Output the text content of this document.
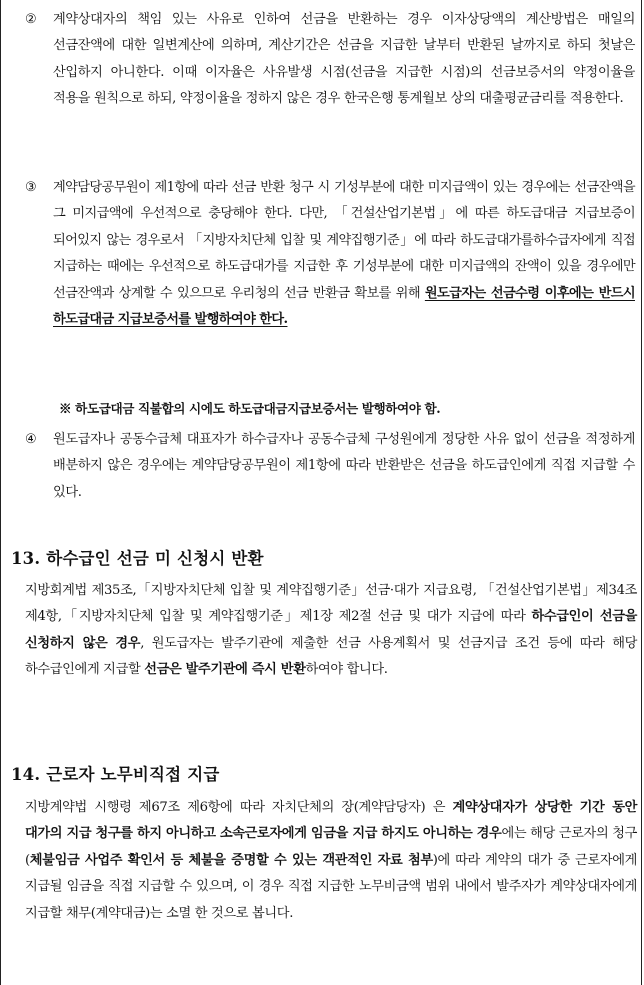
②	계약상대자의 책임 있는 사유로 인하여 선금을 반환하는 경우 이자상당액의 계산방법은 매일의 선금잔액에 대한 일변계산에 의하며, 계산기간은 선금을 지급한 날부터 반환된 날까지로 하되 첫날은 산입하지 아니한다. 이때 이자율은 사유발생 시점(선금을 지급한 시점)의 선금보증서의 약정이율을 적용을 원칙으로 하되, 약정이율을 정하지 않은 경우 한국은행 통계월보 상의 대출평균금리를 적용한다.

③	계약담당공무원이 제1항에 따라 선금 반환 청구 시 기성부분에 대한 미지급액이 있는 경우에는 선금잔액을 그 미지급액에 우선적으로 충당해야 한다. 다만, 「건설산업기본법」에 따른 하도급대금 지급보증이 되어있지 않는 경우로서 「지방자치단체 입찰 및 계약집행기준」에 따라 하도급대가를하수급자에게 직접 지급하는 때에는 우선적으로 하도급대가를 지급한 후 기성부분에 대한 미지급액의 잔액이 있을 경우에만 선금잔액과 상계할 수 있으므로 우리청의 선금 반환금 확보를 위해 원도급자는 선금수령 이후에는 반드시 하도급대금 지급보증서를 발행하여야 한다.

※ 하도급대금 직불합의 시에도 하도급대금지급보증서는 발행하여야 함.

④	원도급자나 공동수급체 대표자가 하수급자나 공동수급체 구성원에게 정당한 사유 없이 선금을 적정하게 배분하지 않은 경우에는 계약담당공무원이 제1항에 따라 반환받은 선금을 하도급인에게 직접 지급할 수 있다.

13. 하수급인 선금 미 신청시 반환

지방회계법 제35조,「지방자치단체 입찰 및 계약집행기준」선금·대가 지급요령, 「건설산업기본법」제34조 제4항,「지방자치단체 입찰 및 계약집행기준」제1장 제2절 선금 및 대가 지급에 따라 하수급인이 선금을 신청하지 않은 경우, 원도급자는 발주기관에 제출한 선금 사용계획서 및 선금지급 조건 등에 따라 해당 하수급인에게 지급할 선금은 발주기관에 즉시 반환하여야 합니다.

14. 근로자 노무비직접 지급

지방계약법 시행령 제67조 제6항에 따라 자치단체의 장(계약담당자) 은 계약상대자가 상당한 기간 동안 대가의 지급 청구를 하지 아니하고 소속근로자에게 임금을 지급 하지도 아니하는 경우에는 해당 근로자의 청구(체불임금 사업주 확인서 등 체불을 증명할 수 있는 객관적인 자료 첨부)에 따라 계약의 대가 중 근로자에게 지급될 임금을 직접 지급할 수 있으며, 이 경우 직접 지급한 노무비금액 범위 내에서 발주자가 계약상대자에게 지급할 채무(계약대금)는 소멸 한 것으로 봅니다.
